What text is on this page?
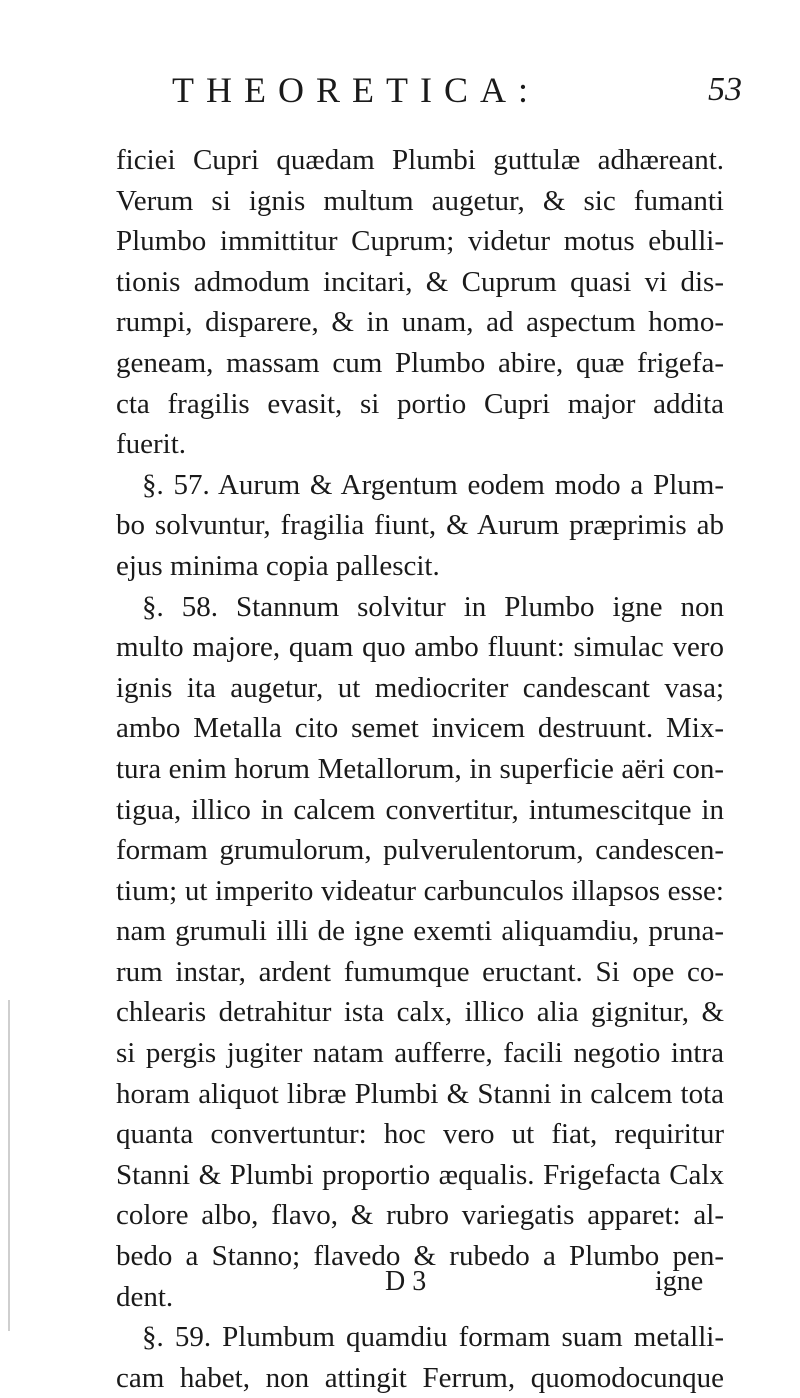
THEORETICA:	53
ficiei Cupri quædam Plumbi guttulæ adhæreant.
Verum si ignis multum augetur, & sic fumanti
Plumbo immittitur Cuprum; videtur motus ebulli-
tionis admodum incitari, & Cuprum quasi vi dis-
rumpi, disparere, & in unam, ad aspectum homo-
geneam, massam cum Plumbo abire, quæ frigefa-
cta fragilis evasit, si portio Cupri major addita
fuerit.
§. 57. Aurum & Argentum eodem modo a Plum-
bo solvuntur, fragilia fiunt, & Aurum præprimis ab
ejus minima copia pallescit.
§. 58. Stannum solvitur in Plumbo igne non
multo majore, quam quo ambo fluunt: simulac vero
ignis ita augetur, ut mediocriter candescant vasa;
ambo Metalla cito semet invicem destruunt. Mix-
tura enim horum Metallorum, in superficie aëri con-
tigua, illico in calcem convertitur, intumescitque in
formam grumulorum, pulverulentorum, candescen-
tium; ut imperito videatur carbunculos illapsos esse:
nam grumuli illi de igne exemti aliquamdiu, pruna-
rum instar, ardent fumumque eructant. Si ope co-
chlearis detrahitur ista calx, illico alia gignitur, &
si pergis jugiter natam aufferre, facili negotio intra
horam aliquot libræ Plumbi & Stanni in calcem tota
quanta convertuntur: hoc vero ut fiat, requiritur
Stanni & Plumbi proportio æqualis. Frigefacta Calx
colore albo, flavo, & rubro variegatis apparet: al-
bedo a Stanno; flavedo & rubedo a Plumbo pen-
dent.
§. 59. Plumbum quamdiu formam suam metalli-
cam habet, non attingit Ferrum, quomodocunque
D 3	igne
